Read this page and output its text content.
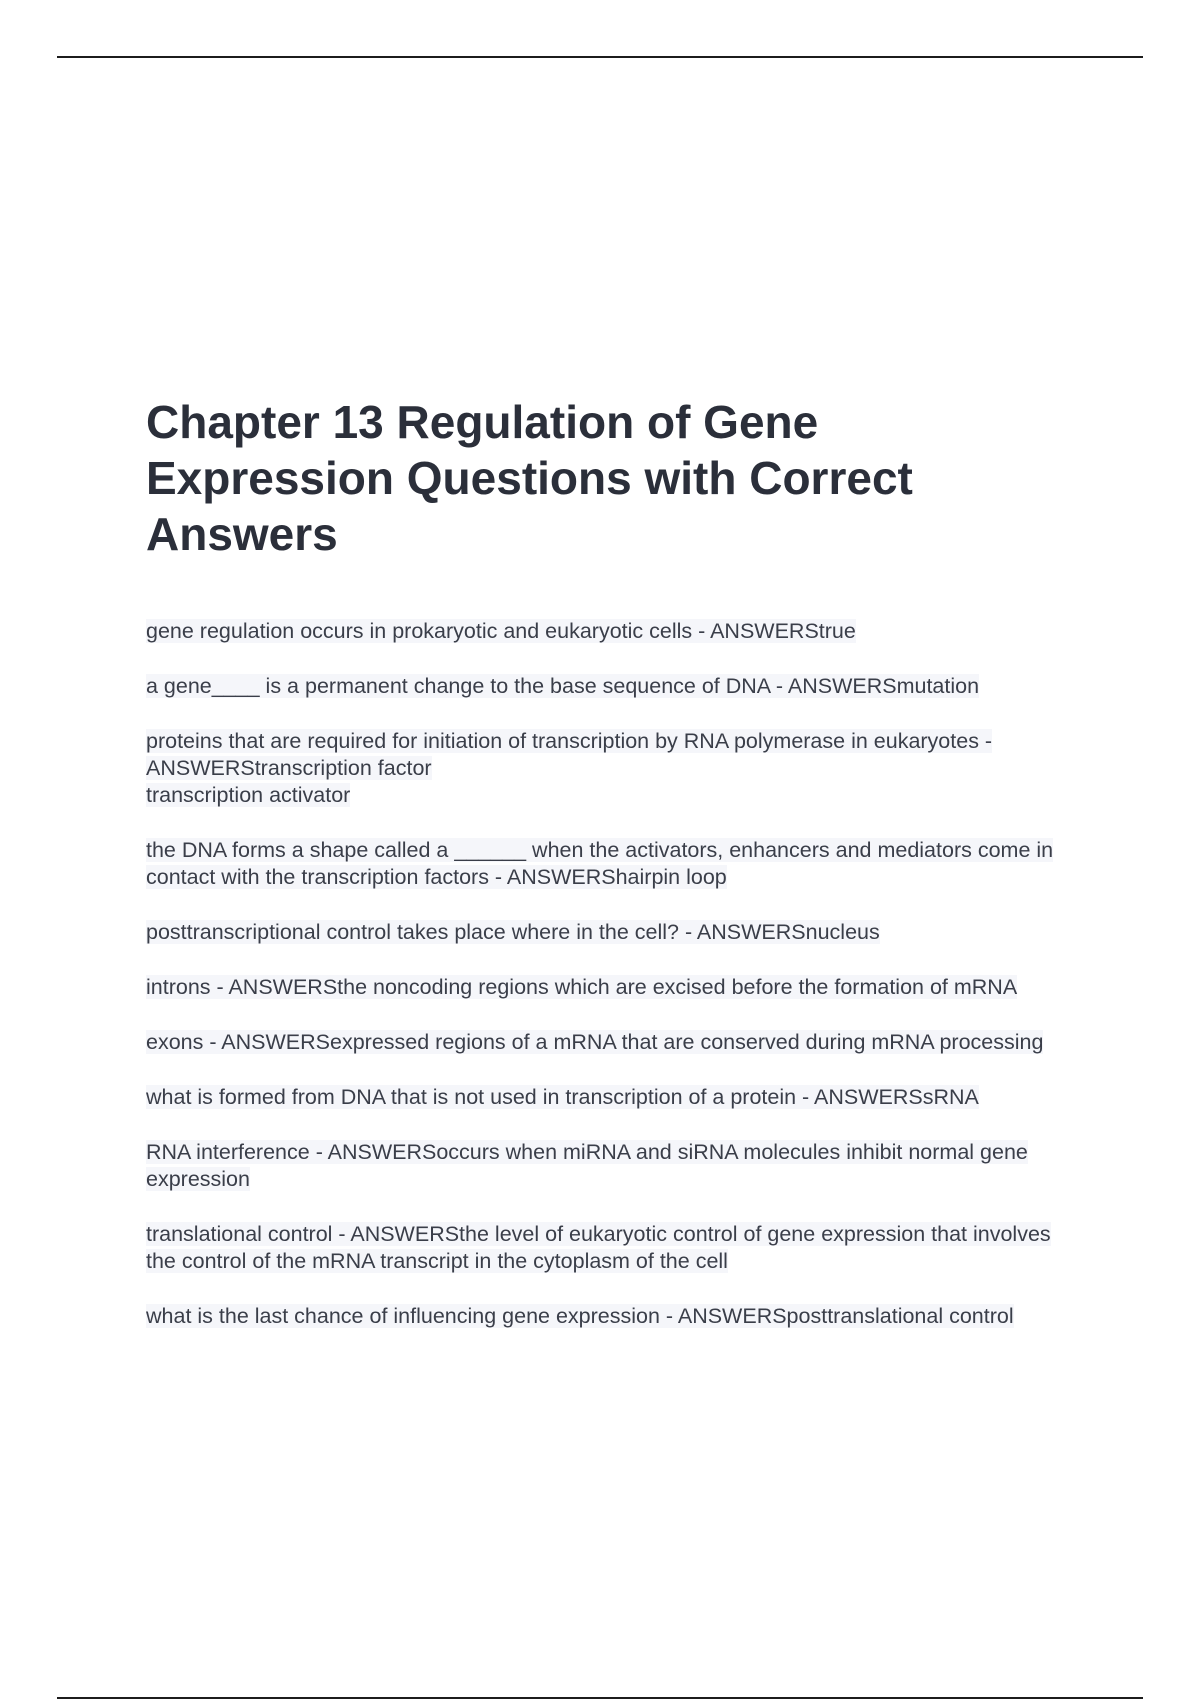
Chapter 13 Regulation of Gene Expression Questions with Correct Answers
gene regulation occurs in prokaryotic and eukaryotic cells - ANSWERStrue
a gene____ is a permanent change to the base sequence of DNA - ANSWERSmutation
proteins that are required for initiation of transcription by RNA polymerase in eukaryotes - ANSWERStranscription factor
transcription activator
the DNA forms a shape called a ______ when the activators, enhancers and mediators come in contact with the transcription factors - ANSWERShairpin loop
posttranscriptional control takes place where in the cell? - ANSWERSnucleus
introns - ANSWERSthe noncoding regions which are excised before the formation of mRNA
exons - ANSWERSexpressed regions of a mRNA that are conserved during mRNA processing
what is formed from DNA that is not used in transcription of a protein - ANSWERSsRNA
RNA interference - ANSWERSoccurs when miRNA and siRNA molecules inhibit normal gene expression
translational control - ANSWERSthe level of eukaryotic control of gene expression that involves the control of the mRNA transcript in the cytoplasm of the cell
what is the last chance of influencing gene expression - ANSWERSposttranslational control
